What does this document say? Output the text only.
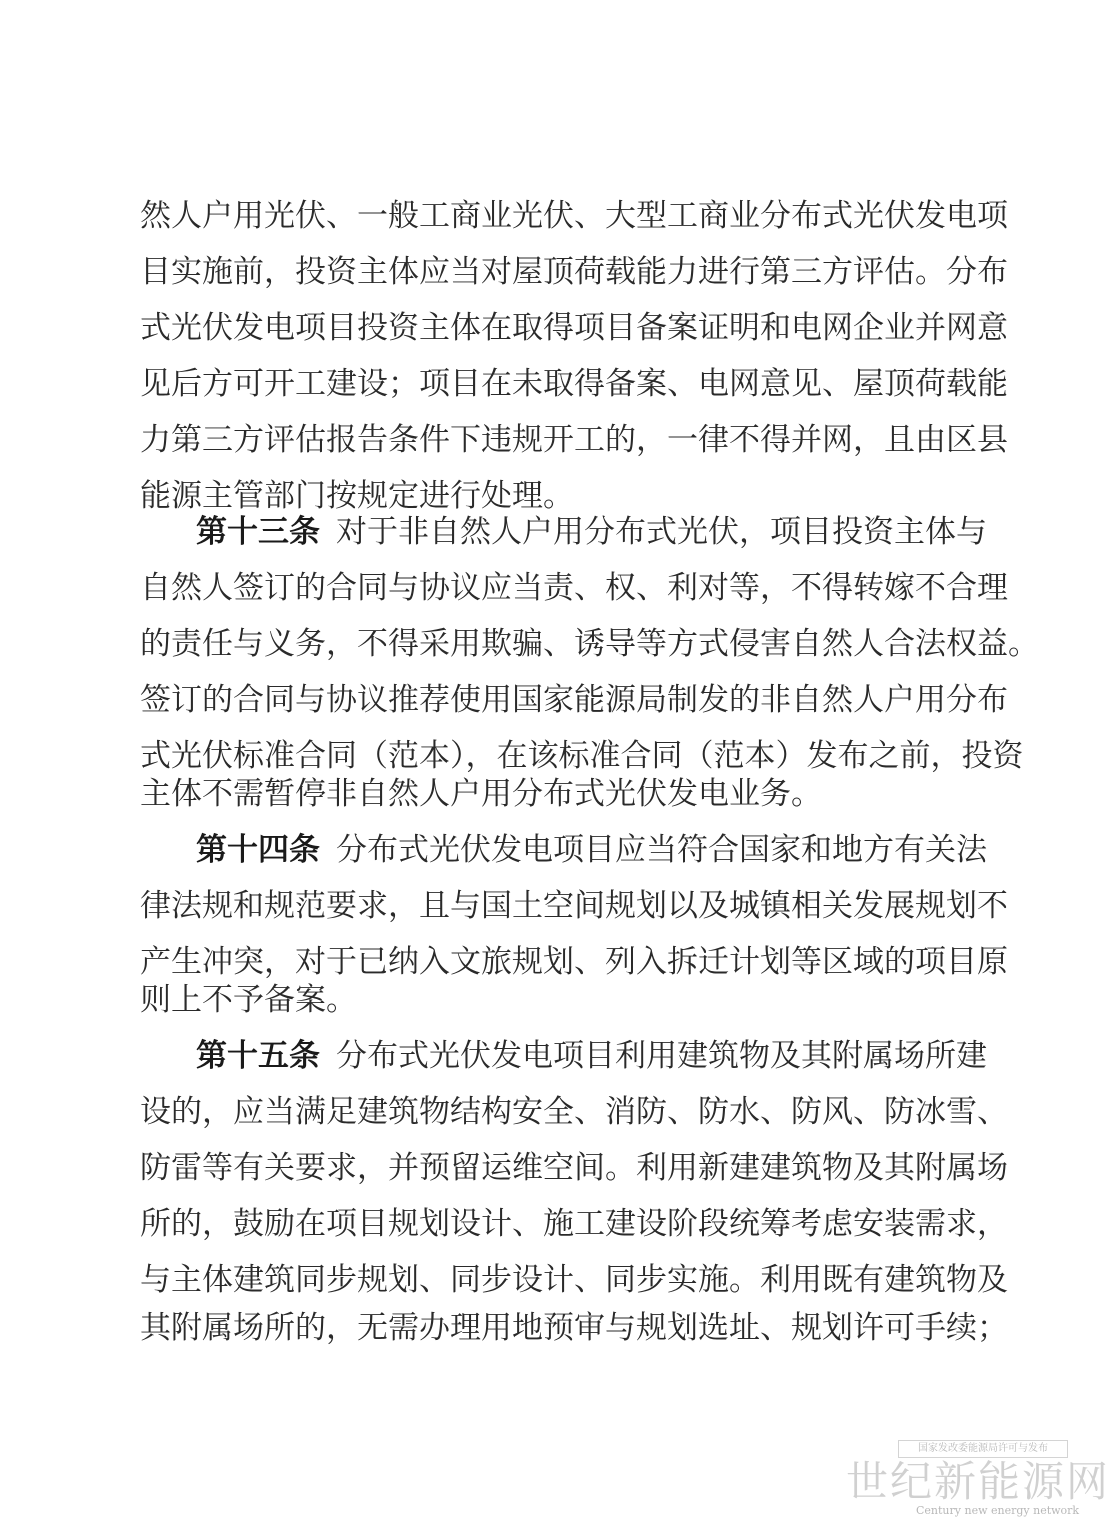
然人户用光伏、一般工商业光伏、大型工商业分布式光伏发电项
目实施前，投资主体应当对屋顶荷载能力进行第三方评估。分布
式光伏发电项目投资主体在取得项目备案证明和电网企业并网意
见后方可开工建设；项目在未取得备案、电网意见、屋顶荷载能
力第三方评估报告条件下违规开工的，一律不得并网，且由区县
能源主管部门按规定进行处理。
第十三条 对于非自然人户用分布式光伏，项目投资主体与
自然人签订的合同与协议应当责、权、利对等，不得转嫁不合理
的责任与义务，不得采用欺骗、诱导等方式侵害自然人合法权益。
签订的合同与协议推荐使用国家能源局制发的非自然人户用分布
式光伏标准合同（范本），在该标准合同（范本）发布之前，投资
主体不需暂停非自然人户用分布式光伏发电业务。
第十四条 分布式光伏发电项目应当符合国家和地方有关法
律法规和规范要求，且与国土空间规划以及城镇相关发展规划不
产生冲突，对于已纳入文旅规划、列入拆迁计划等区域的项目原
则上不予备案。
第十五条 分布式光伏发电项目利用建筑物及其附属场所建
设的，应当满足建筑物结构安全、消防、防水、防风、防冰雪、
防雷等有关要求，并预留运维空间。利用新建建筑物及其附属场
所的，鼓励在项目规划设计、施工建设阶段统筹考虑安装需求，
与主体建筑同步规划、同步设计、同步实施。利用既有建筑物及
其附属场所的，无需办理用地预审与规划选址、规划许可手续；
国家发改委能源局许可与发布
世纪新能源网
Century new energy network
